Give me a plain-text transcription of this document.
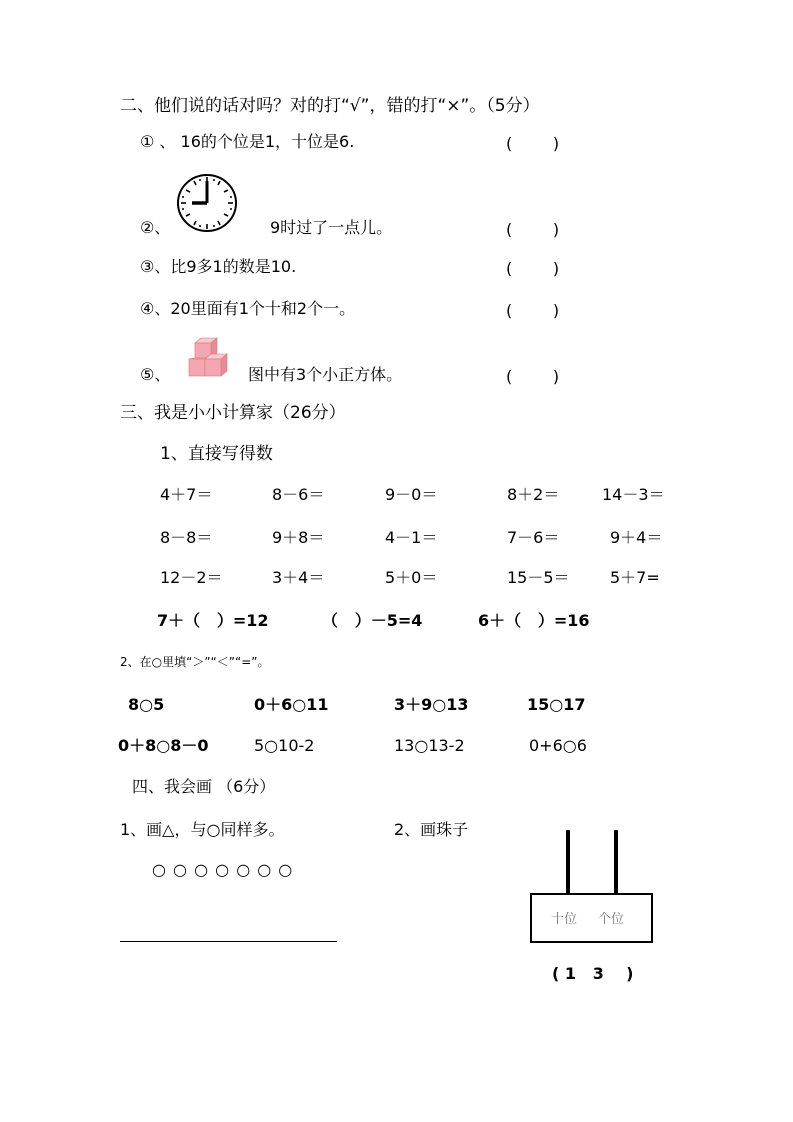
二、他们说的话对吗？对的打“√”，错的打“×”。（5分）
① 、 16的个位是1，十位是6.	(        )
②、	9时过了一点儿。	(        )
③、比9多1的数是10.	(        )
④、20里面有1个十和2个一。	(        )
⑤、	图中有3个小正方体。	(        )
三、我是小小计算家（26分）
1、直接写得数
4＋7＝	8－6＝	9－0＝	8＋2＝	14－3＝
8－8＝	9＋8＝	4－1＝	7－6＝	9＋4＝
12－2＝	3＋4＝	5＋0＝	15－5＝	5＋7=
7＋（   ）=12	（   ）－5=4	6＋（   ）=16
2、在○里填“＞”“＜”“=”。
8○5	0＋6○11	3＋9○13	15○17
0＋8○8－0	5○10-2	13○13-2	0+6○6
四、我会画 （6分）
1、画△，与○同样多。	2、画珠子
○ ○ ○ ○ ○ ○ ○
十位 个位
( 1   3    )
